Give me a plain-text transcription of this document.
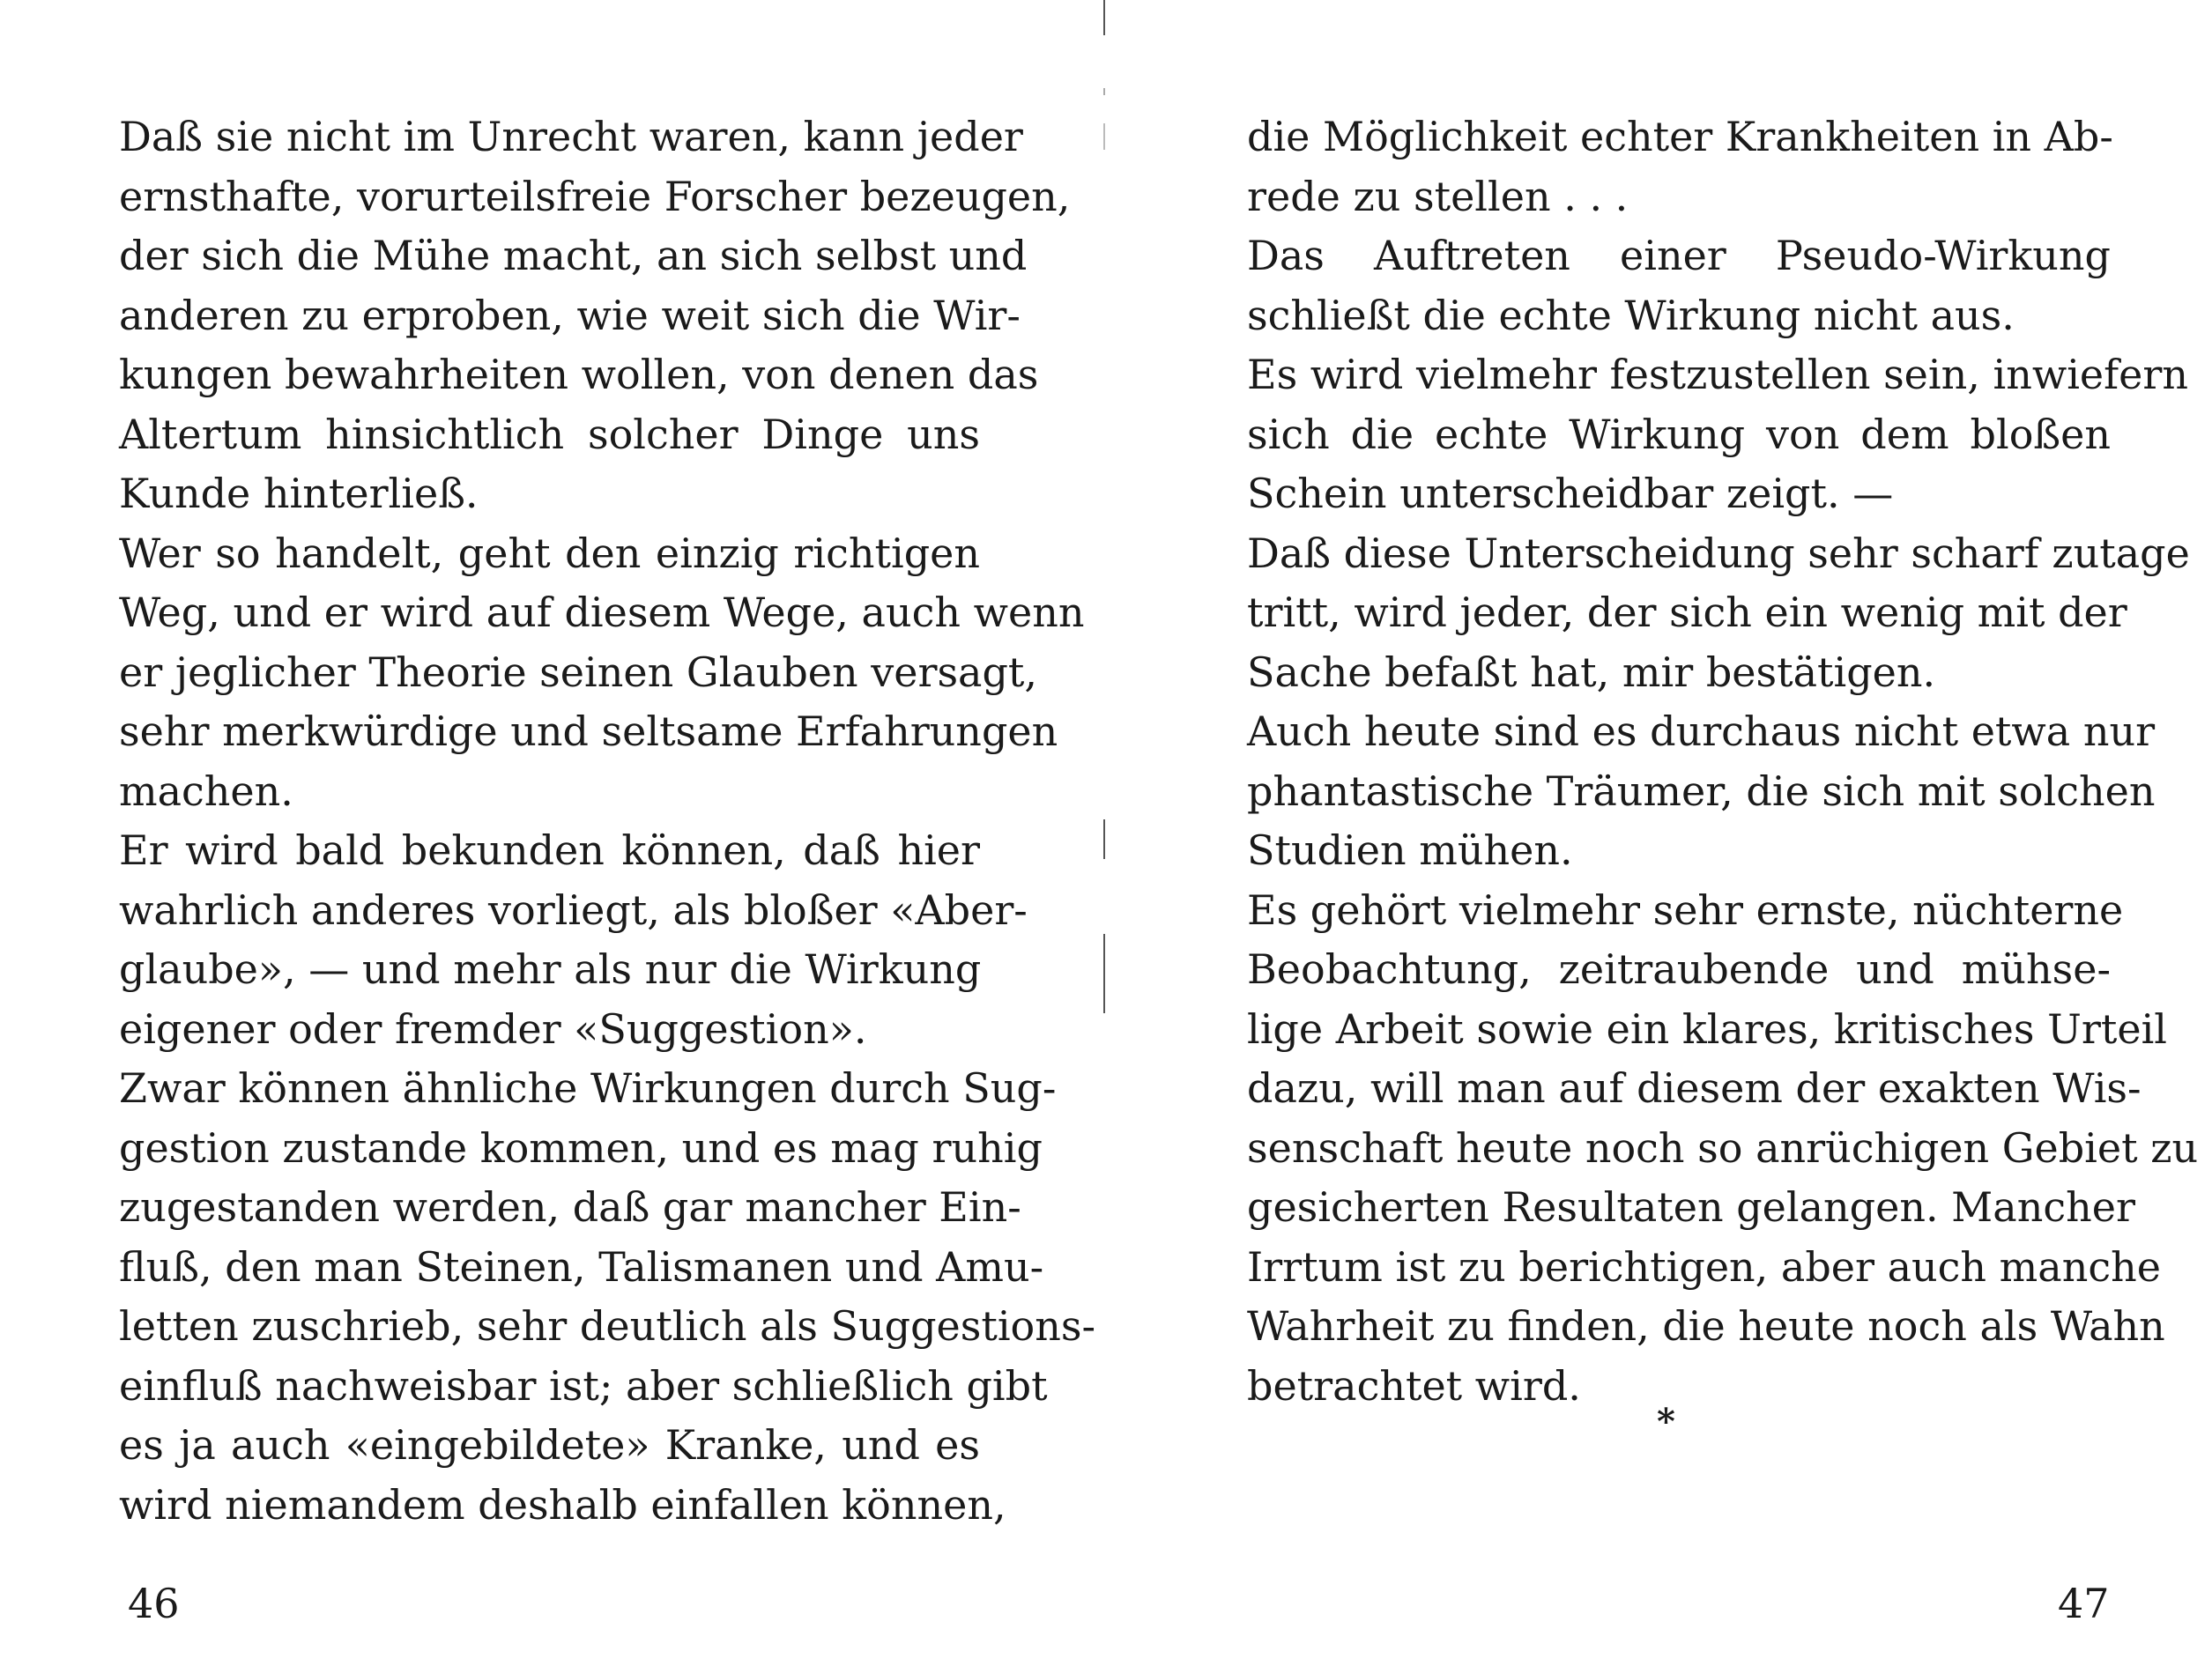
Daß sie nicht im Unrecht waren, kann jeder
ernsthafte, vorurteilsfreie Forscher bezeugen,
der sich die Mühe macht, an sich selbst und
anderen zu erproben, wie weit sich die Wir-
kungen bewahrheiten wollen, von denen das
Altertum hinsichtlich solcher Dinge uns
Kunde hinterließ.
Wer so handelt, geht den einzig richtigen
Weg, und er wird auf diesem Wege, auch wenn
er jeglicher Theorie seinen Glauben versagt,
sehr merkwürdige und seltsame Erfahrungen
machen.
Er wird bald bekunden können, daß hier
wahrlich anderes vorliegt, als bloßer «Aber-
glaube», — und mehr als nur die Wirkung
eigener oder fremder «Suggestion».
Zwar können ähnliche Wirkungen durch Sug-
gestion zustande kommen, und es mag ruhig
zugestanden werden, daß gar mancher Ein-
fluß, den man Steinen, Talismanen und Amu-
letten zuschrieb, sehr deutlich als Suggestions-
einfluß nachweisbar ist; aber schließlich gibt
es ja auch «eingebildete» Kranke, und es
wird niemandem deshalb einfallen können,
46
die Möglichkeit echter Krankheiten in Ab-
rede zu stellen . . .
Das Auftreten einer Pseudo-Wirkung
schließt die echte Wirkung nicht aus.
Es wird vielmehr festzustellen sein, inwiefern
sich die echte Wirkung von dem bloßen
Schein unterscheidbar zeigt. —
Daß diese Unterscheidung sehr scharf zutage
tritt, wird jeder, der sich ein wenig mit der
Sache befaßt hat, mir bestätigen.
Auch heute sind es durchaus nicht etwa nur
phantastische Träumer, die sich mit solchen
Studien mühen.
Es gehört vielmehr sehr ernste, nüchterne
Beobachtung, zeitraubende und mühse-
lige Arbeit sowie ein klares, kritisches Urteil
dazu, will man auf diesem der exakten Wis-
senschaft heute noch so anrüchigen Gebiet zu
gesicherten Resultaten gelangen. Mancher
Irrtum ist zu berichtigen, aber auch manche
Wahrheit zu finden, die heute noch als Wahn
betrachtet wird.
*
47
